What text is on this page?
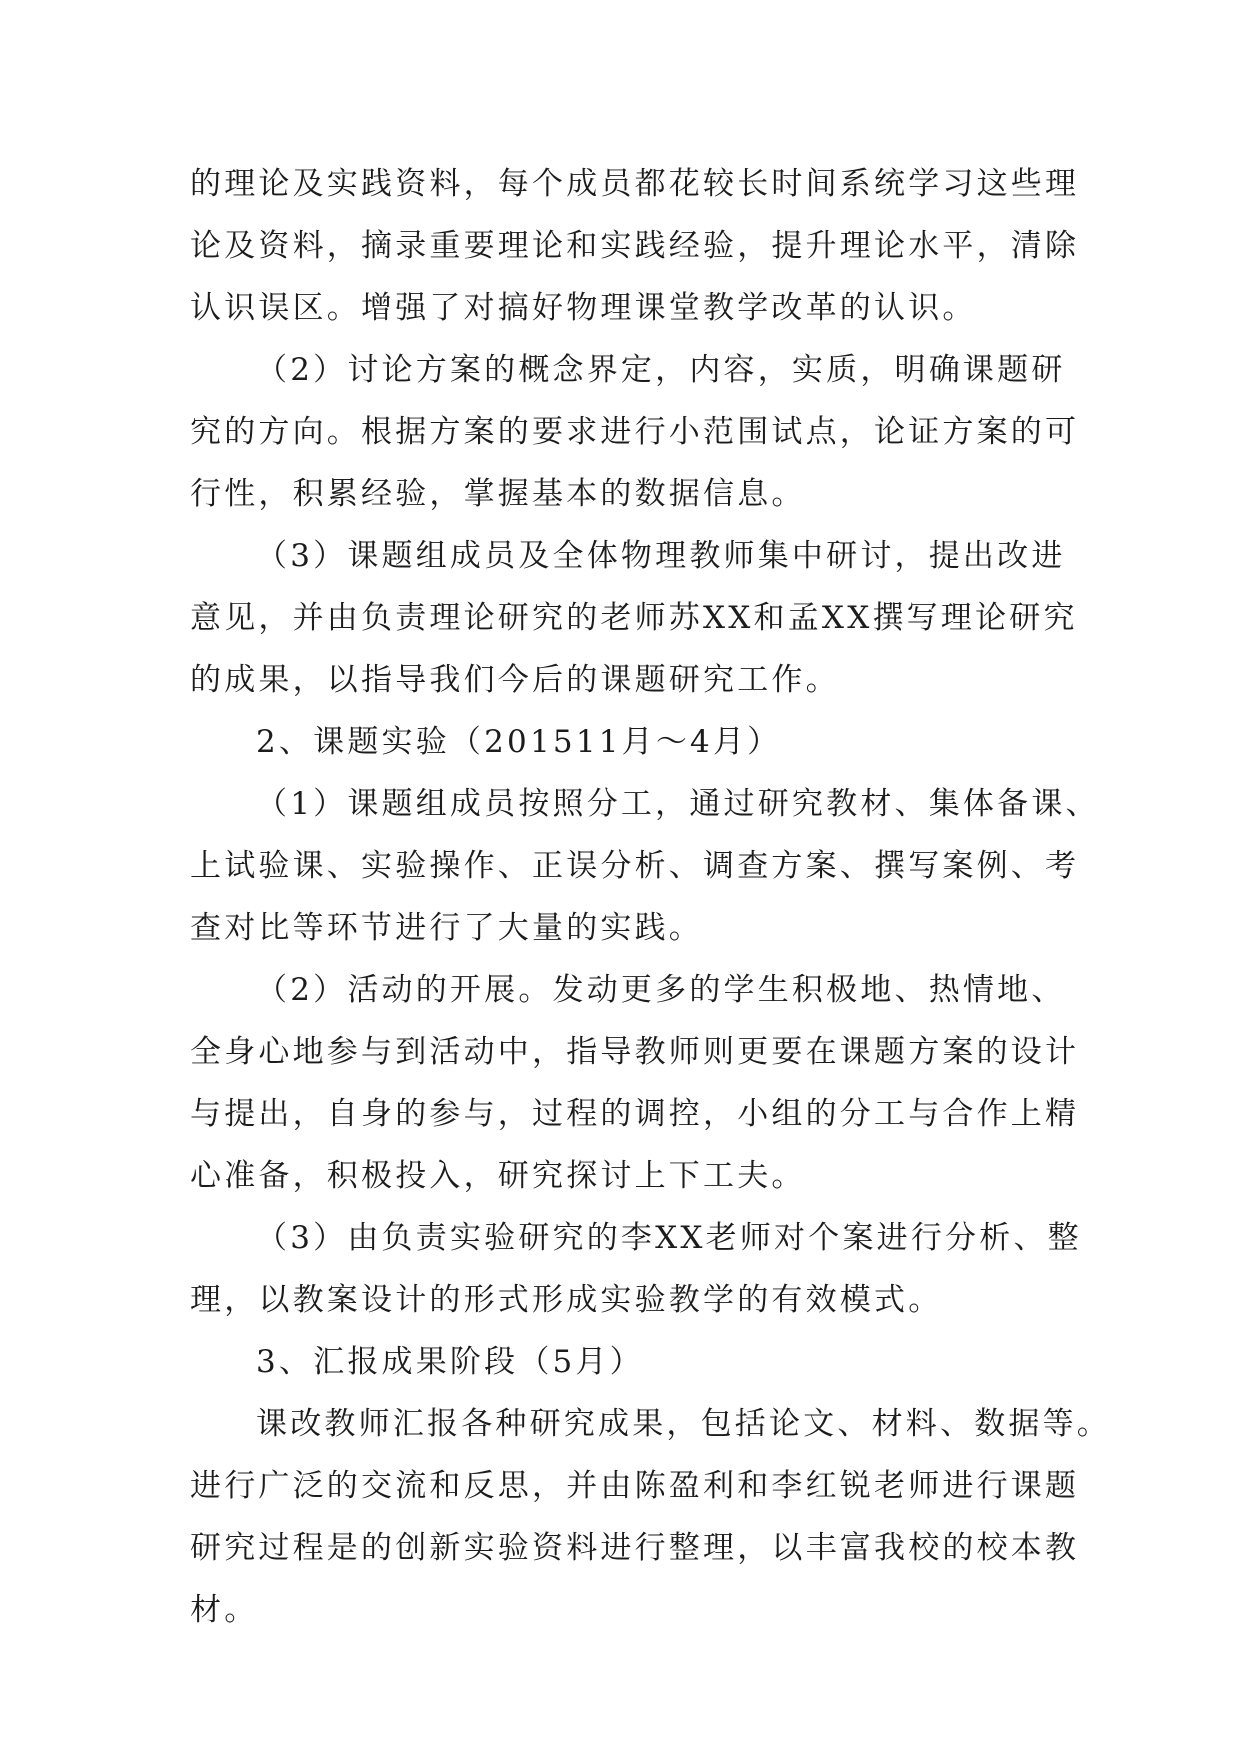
的理论及实践资料，每个成员都花较长时间系统学习这些理
论及资料，摘录重要理论和实践经验，提升理论水平，清除
认识误区。增强了对搞好物理课堂教学改革的认识。
（2）讨论方案的概念界定，内容，实质，明确课题研
究的方向。根据方案的要求进行小范围试点，论证方案的可
行性，积累经验，掌握基本的数据信息。
（3）课题组成员及全体物理教师集中研讨，提出改进
意见，并由负责理论研究的老师苏XX和孟XX撰写理论研究
的成果，以指导我们今后的课题研究工作。
2、课题实验（201511月～4月）
（1）课题组成员按照分工，通过研究教材、集体备课、
上试验课、实验操作、正误分析、调查方案、撰写案例、考
查对比等环节进行了大量的实践。
（2）活动的开展。发动更多的学生积极地、热情地、
全身心地参与到活动中，指导教师则更要在课题方案的设计
与提出，自身的参与，过程的调控，小组的分工与合作上精
心准备，积极投入，研究探讨上下工夫。
（3）由负责实验研究的李XX老师对个案进行分析、整
理，以教案设计的形式形成实验教学的有效模式。
3、汇报成果阶段（5月）
课改教师汇报各种研究成果，包括论文、材料、数据等。
进行广泛的交流和反思，并由陈盈利和李红锐老师进行课题
研究过程是的创新实验资料进行整理，以丰富我校的校本教
材。
